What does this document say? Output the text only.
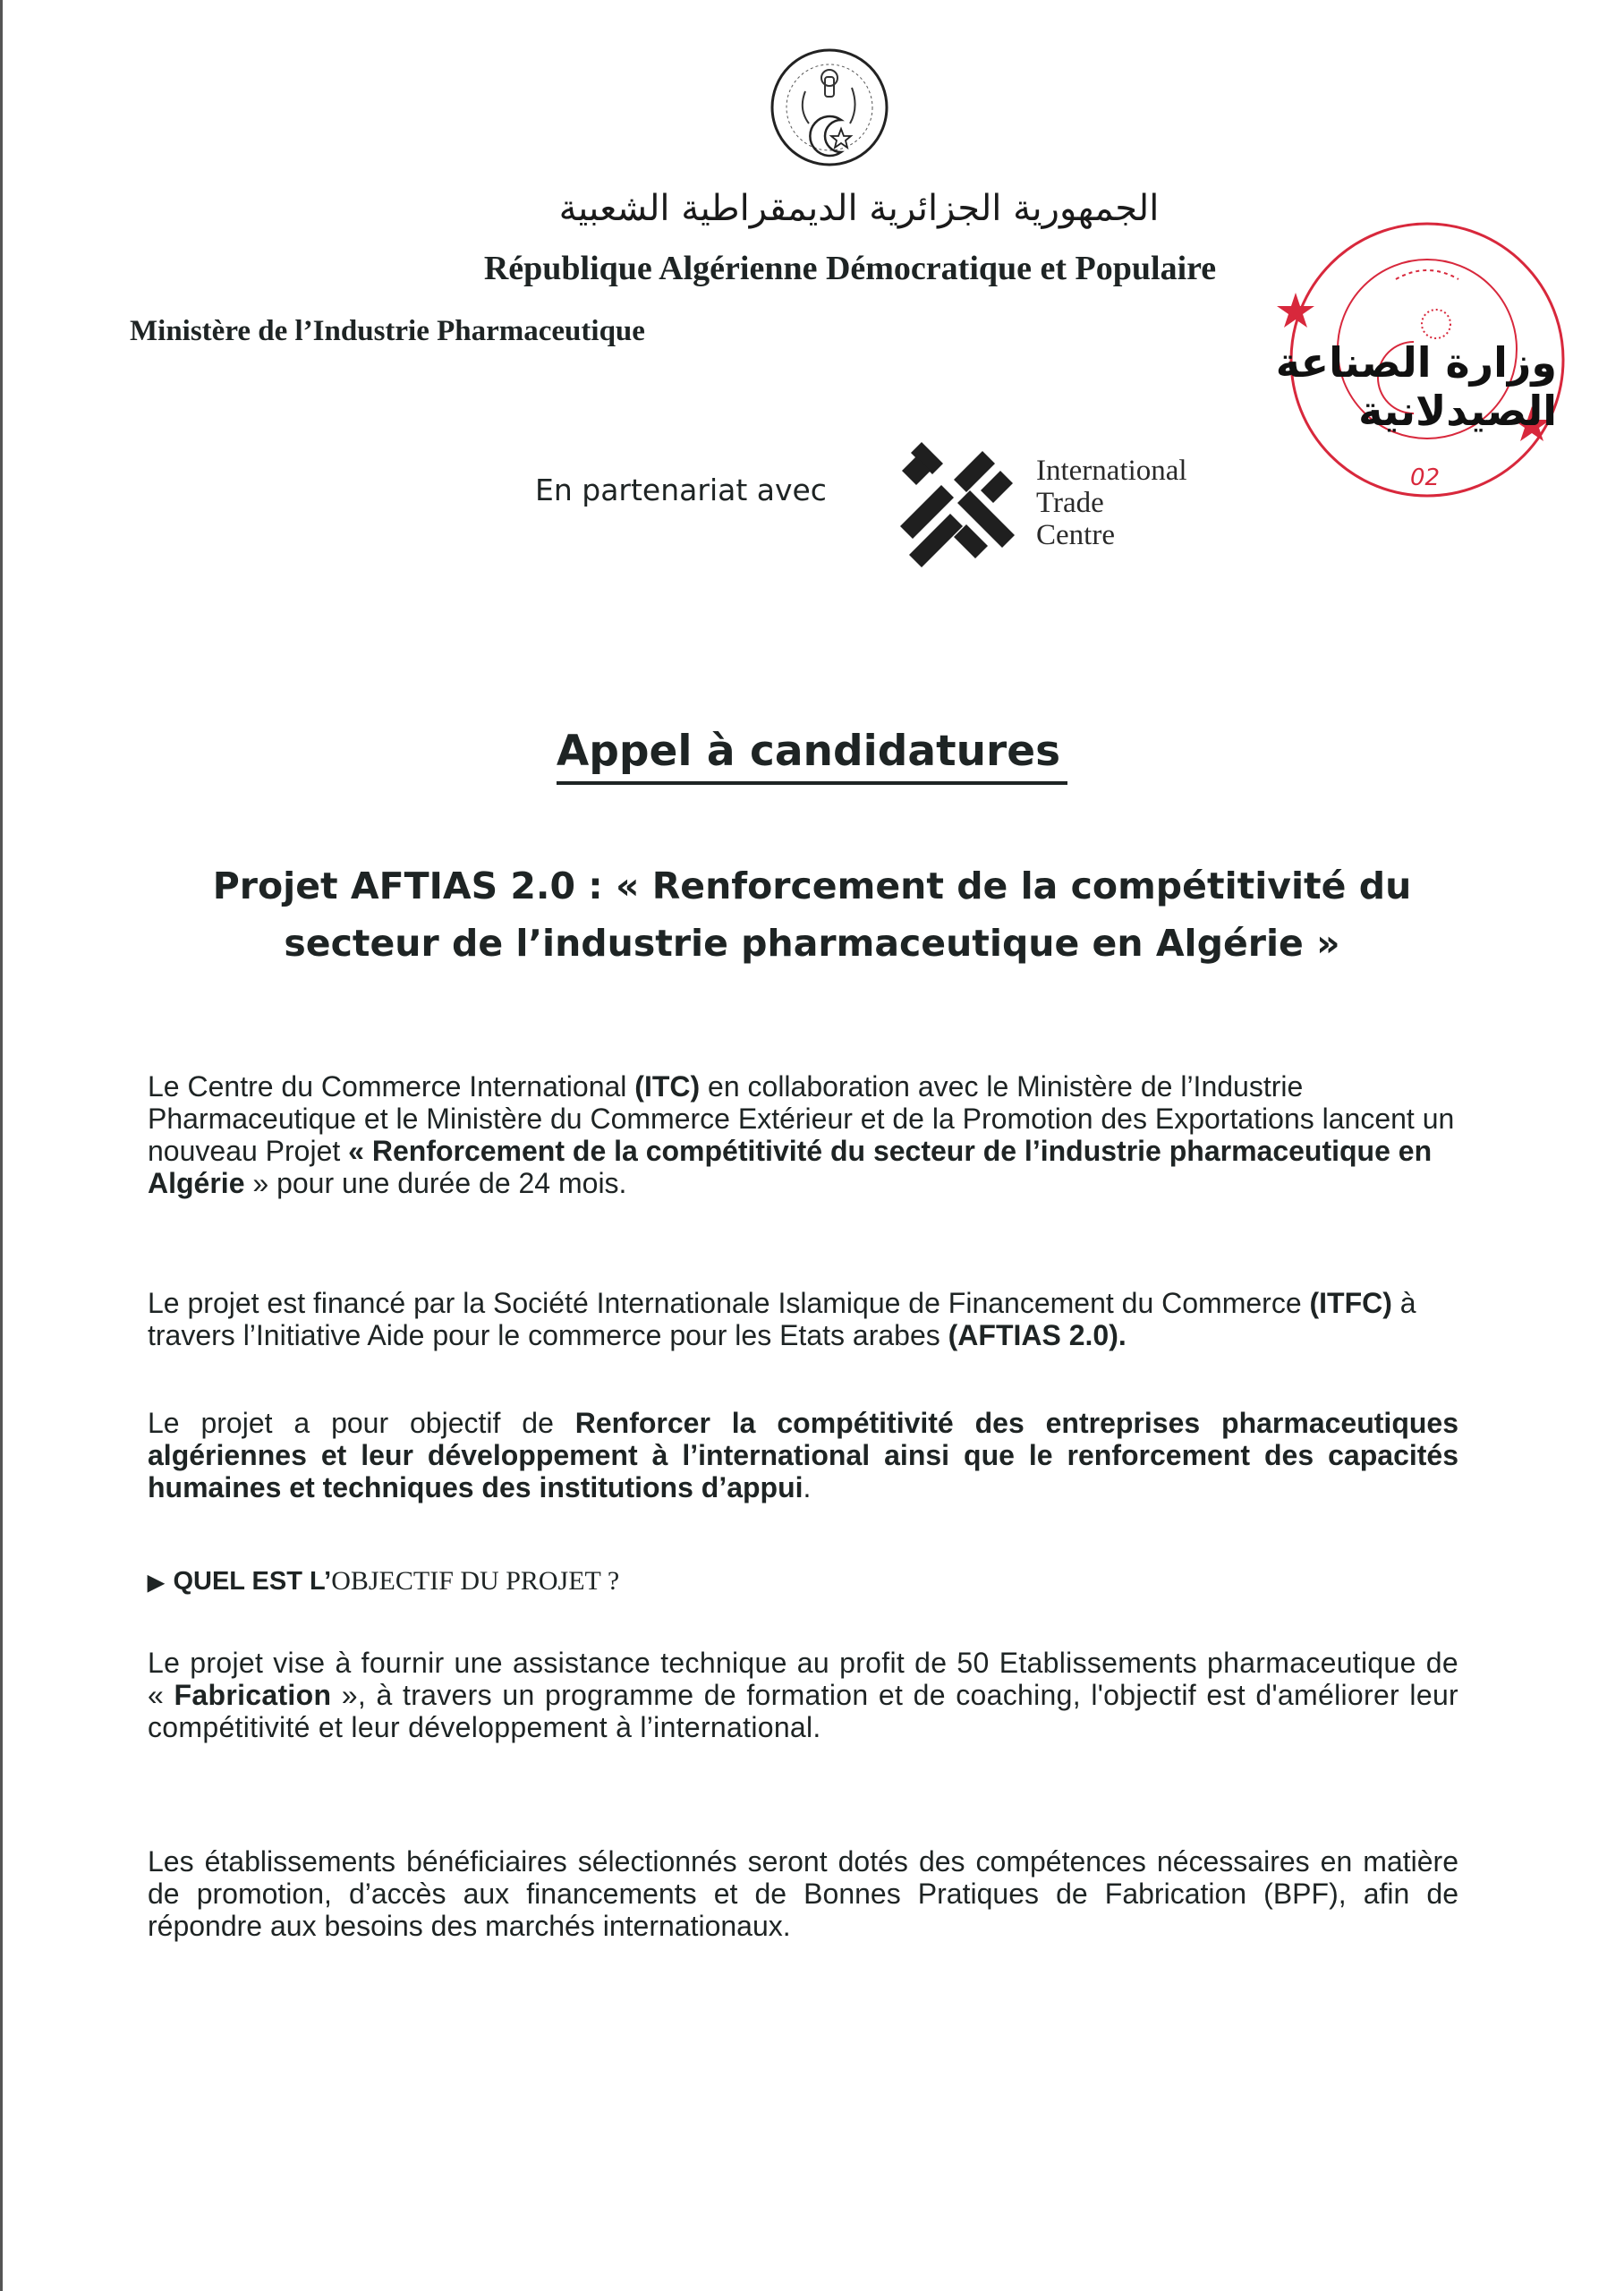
الجمهورية الجزائرية الديمقراطية الشعبية
République Algérienne Démocratique et Populaire
Ministère de l’Industrie Pharmaceutique
02
وزارة الصناعة الصيدلانية
En partenariat avec
International
Trade
Centre
Appel à candidatures
Projet AFTIAS 2.0 : « Renforcement de la compétitivité du
secteur de l’industrie pharmaceutique en Algérie »
Le Centre du Commerce International (ITC) en collaboration avec le Ministère de l’Industrie Pharmaceutique et le Ministère du Commerce Extérieur et de la Promotion des Exportations lancent un nouveau Projet « Renforcement de la compétitivité du secteur de l’industrie pharmaceutique en Algérie » pour une durée de 24 mois.
Le projet est financé par la Société Internationale Islamique de Financement du Commerce (ITFC) à travers l’Initiative Aide pour le commerce pour les Etats arabes (AFTIAS 2.0).
Le projet a pour objectif de Renforcer la compétitivité des entreprises pharmaceutiques algériennes et leur développement à l’international ainsi que le renforcement des capacités humaines et techniques des institutions d’appui.
▶ QUEL EST L’OBJECTIF DU PROJET ?
Le projet vise à fournir une assistance technique au profit de 50 Etablissements pharmaceutique de « Fabrication », à travers un programme de formation et de coaching, l'objectif est d'améliorer leur compétitivité et leur développement à l’international.
Les établissements bénéficiaires sélectionnés seront dotés des compétences nécessaires en matière de promotion, d’accès aux financements et de Bonnes Pratiques de Fabrication (BPF), afin de répondre aux besoins des marchés internationaux.
